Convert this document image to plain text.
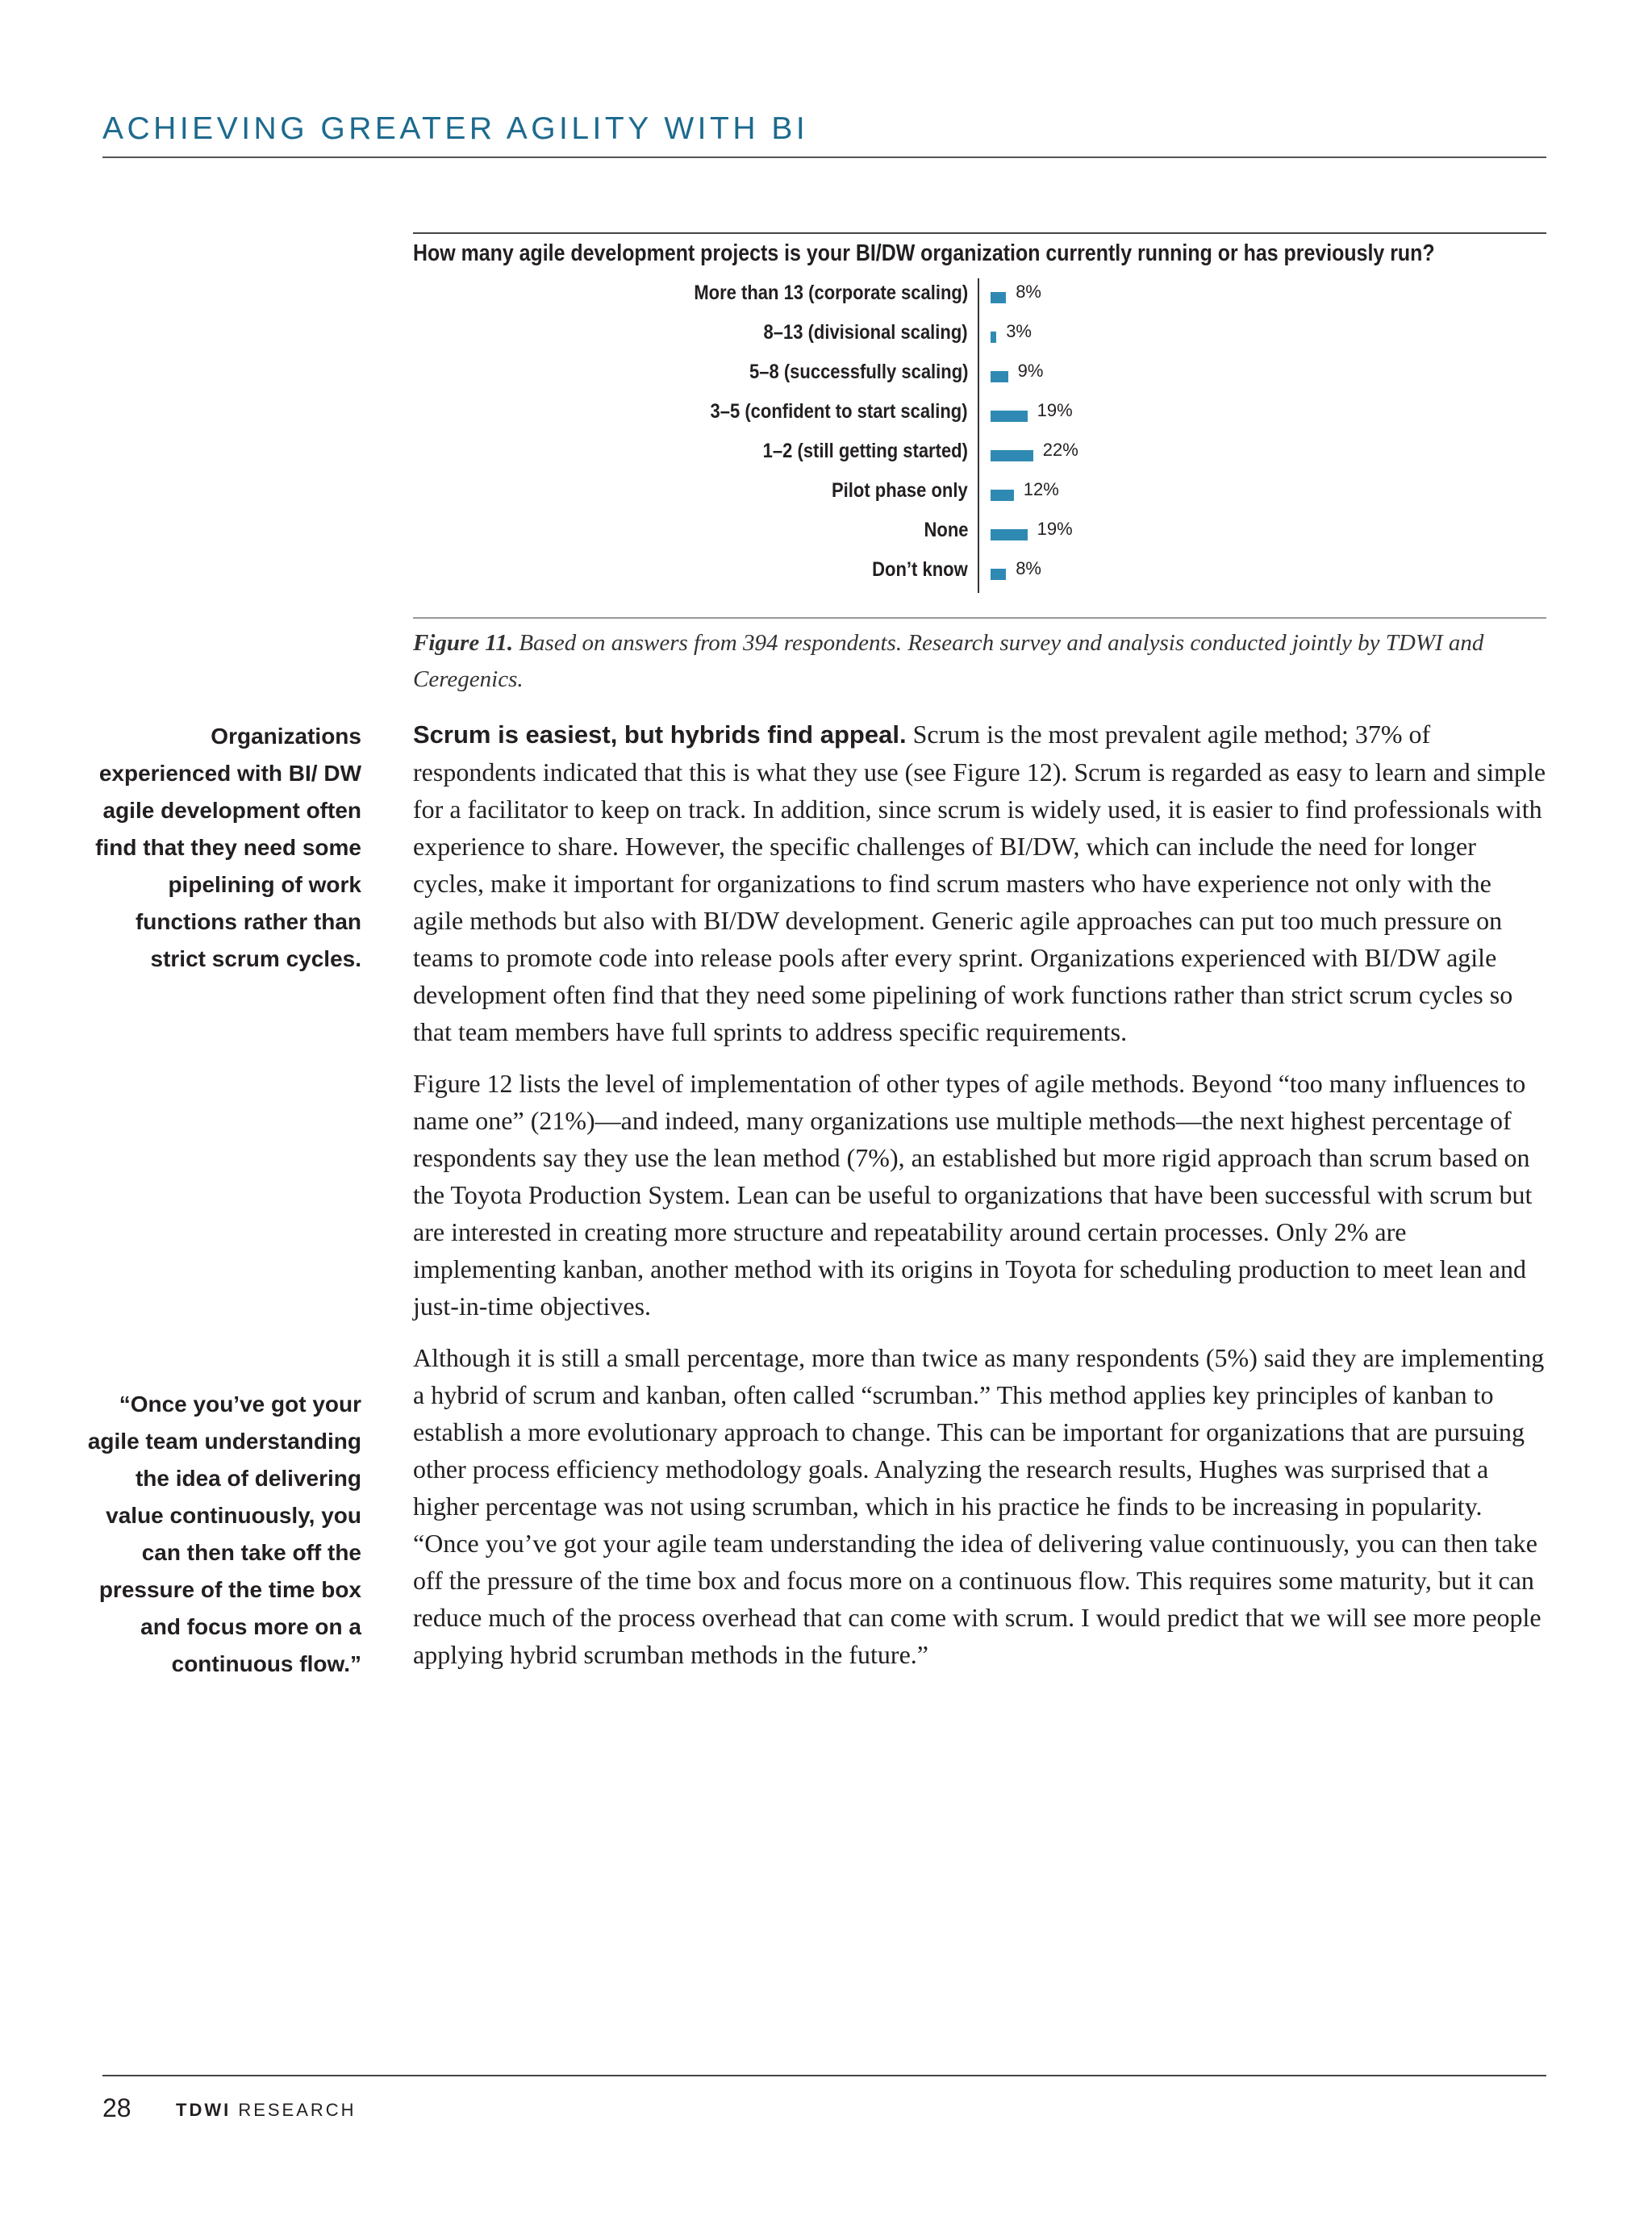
ACHIEVING GREATER AGILITY WITH BI
How many agile development projects is your BI/DW organization currently running or has previously run?
More than 13 (corporate scaling)	8%
8–13 (divisional scaling) 3%
5–8 (successfully scaling)	9%
3–5 (confident to start scaling)	19%
1–2 (still getting started)	22%
Pilot phase only	12%
None	19%
Don’t know	8%
Figure 11. Based on answers from 394 respondents. Research survey and analysis conducted jointly by TDWI and Ceregenics.
Organizations experienced with BI/ DW agile development often find that they need some pipelining of work functions rather than strict scrum cycles.
“Once you’ve got your agile team understanding the idea of delivering value continuously, you can then take off the pressure of the time box and focus more on a continuous flow.”

Scrum is easiest, but hybrids find appeal. Scrum is the most prevalent agile method; 37% of respondents indicated that this is what they use (see Figure 12). Scrum is regarded as easy to learn and simple for a facilitator to keep on track. In addition, since scrum is widely used, it is easier to find professionals with experience to share. However, the specific challenges of BI/DW, which can include the need for longer cycles, make it important for organizations to find scrum masters who have experience not only with the agile methods but also with BI/DW development. Generic agile approaches can put too much pressure on teams to promote code into release pools after every sprint. Organizations experienced with BI/DW agile development often find that they need some pipelining of work functions rather than strict scrum cycles so that team members have full sprints to address specific requirements.

Figure 12 lists the level of implementation of other types of agile methods. Beyond “too many influences to name one” (21%)—and indeed, many organizations use multiple methods—the next highest percentage of respondents say they use the lean method (7%), an established but more rigid approach than scrum based on the Toyota Production System. Lean can be useful to organizations that have been successful with scrum but are interested in creating more structure and repeatability around certain processes. Only 2% are implementing kanban, another method with its origins in Toyota for scheduling production to meet lean and just-in-time objectives.

Although it is still a small percentage, more than twice as many respondents (5%) said they are implementing a hybrid of scrum and kanban, often called “scrumban.” This method applies key principles of kanban to establish a more evolutionary approach to change. This can be important for organizations that are pursuing other process efficiency methodology goals. Analyzing the research results, Hughes was surprised that a higher percentage was not using scrumban, which in his practice he finds to be increasing in popularity. “Once you’ve got your agile team understanding the idea of delivering value continuously, you can then take off the pressure of the time box and focus more on a continuous flow. This requires some maturity, but it can reduce much of the process overhead that can come with scrum. I would predict that we will see more people applying hybrid scrumban methods in the future.”

28	TDWI RESEARCH
